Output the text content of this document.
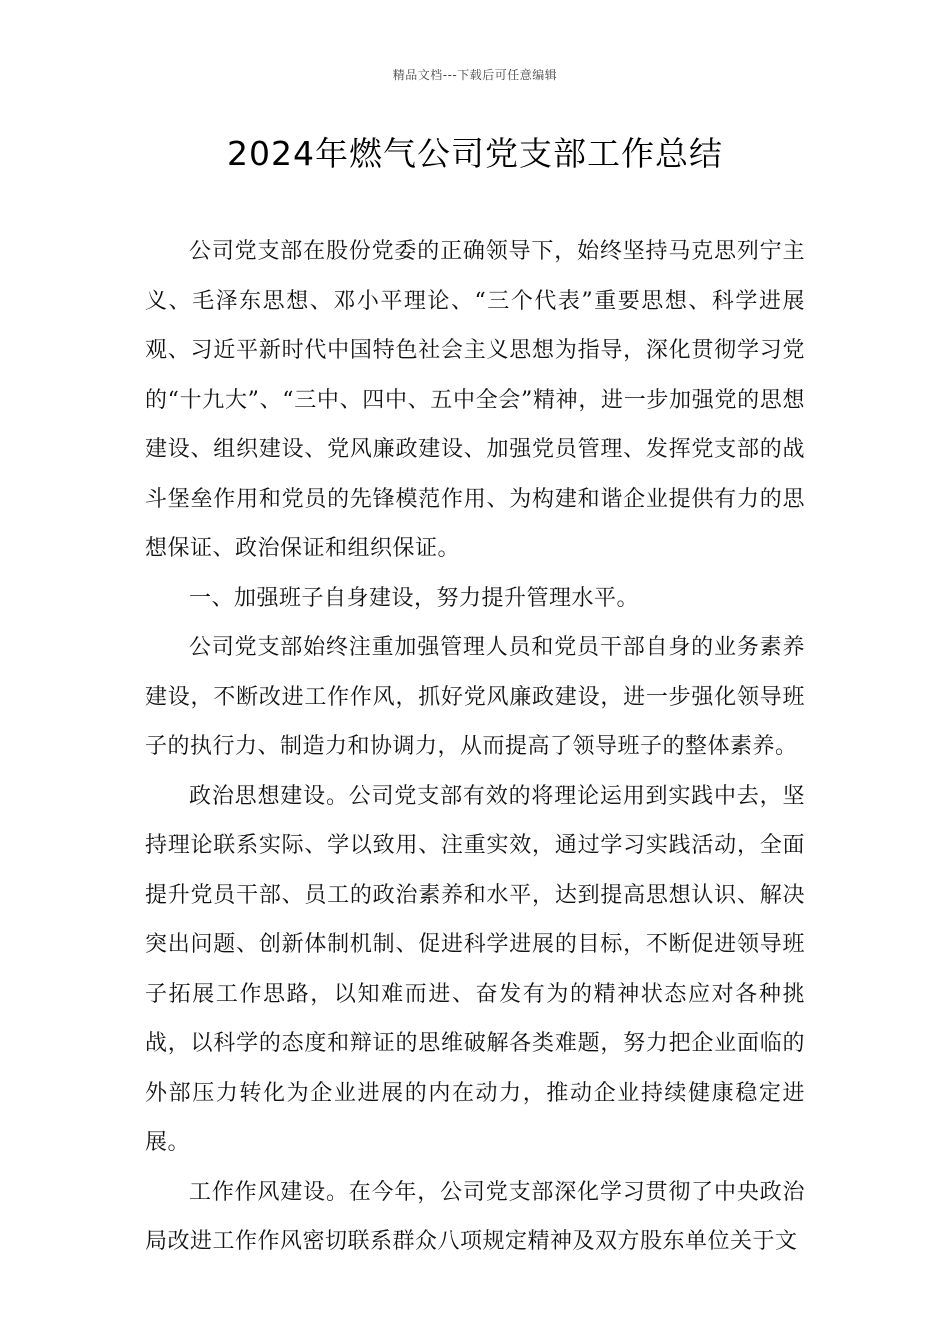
精品文档---下载后可任意编辑
2024年燃气公司党支部工作总结

公司党支部在股份党委的正确领导下，始终坚持马克思列宁主义、毛泽东思想、邓小平理论、“三个代表”重要思想、科学进展观、习近平新时代中国特色社会主义思想为指导，深化贯彻学习党的“十九大”、“三中、四中、五中全会”精神，进一步加强党的思想建设、组织建设、党风廉政建设、加强党员管理、发挥党支部的战斗堡垒作用和党员的先锋模范作用、为构建和谐企业提供有力的思想保证、政治保证和组织保证。

一、加强班子自身建设，努力提升管理水平。

公司党支部始终注重加强管理人员和党员干部自身的业务素养建设，不断改进工作作风，抓好党风廉政建设，进一步强化领导班子的执行力、制造力和协调力，从而提高了领导班子的整体素养。

政治思想建设。公司党支部有效的将理论运用到实践中去，坚持理论联系实际、学以致用、注重实效，通过学习实践活动，全面提升党员干部、员工的政治素养和水平，达到提高思想认识、解决突出问题、创新体制机制、促进科学进展的目标，不断促进领导班子拓展工作思路，以知难而进、奋发有为的精神状态应对各种挑战，以科学的态度和辩证的思维破解各类难题，努力把企业面临的外部压力转化为企业进展的内在动力，推动企业持续健康稳定进展。

工作作风建设。在今年，公司党支部深化学习贯彻了中央政治局改进工作作风密切联系群众八项规定精神及双方股东单位关于文
